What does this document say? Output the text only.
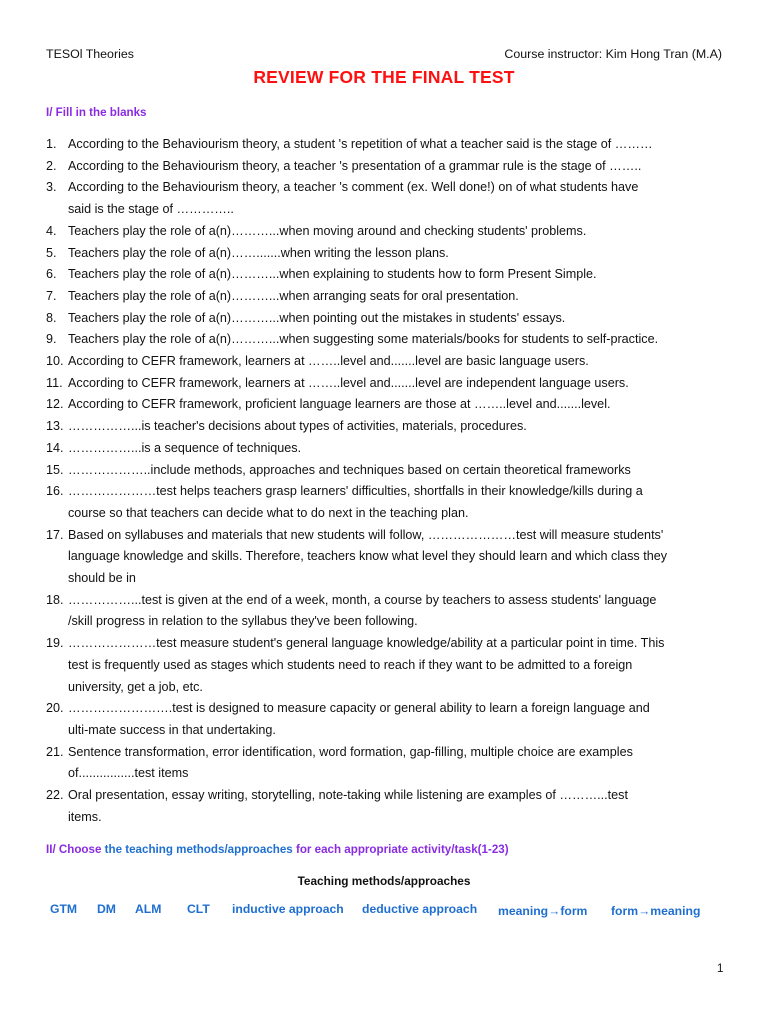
TESOl Theories	Course instructor: Kim Hong Tran (M.A)
REVIEW FOR THE FINAL TEST
I/ Fill in the blanks
1. According to the Behaviourism theory, a student 's repetition of what a teacher said is the stage of ………
2. According to the Behaviourism theory, a teacher 's presentation of a grammar rule is the stage of ……..
3. According to the Behaviourism theory, a teacher 's comment (ex. Well done!) on of what students have
said is the stage of …………..
4. Teachers play the role of a(n)………...when moving around and checking students' problems.
5. Teachers play the role of a(n)…….......when writing the lesson plans.
6. Teachers play the role of a(n)………...when explaining to students how to form Present Simple.
7. Teachers play the role of a(n)………...when arranging seats for oral presentation.
8. Teachers play the role of a(n)………...when pointing out the mistakes in students' essays.
9. Teachers play the role of a(n)………...when suggesting some materials/books for students to self-practice.
10. According to CEFR framework, learners at ……..level and.......level are basic language users.
11. According to CEFR framework, learners at ……..level and.......level are independent language users.
12. According to CEFR framework, proficient language learners are those at ……..level and.......level.
13. ……………...is teacher's decisions about types of activities, materials, procedures.
14. ……………...is a sequence of techniques.
15. ………………..include methods, approaches and techniques based on certain theoretical frameworks
16. …………………test helps teachers grasp learners' difficulties, shortfalls in their knowledge/kills during a
course so that teachers can decide what to do next in the teaching plan.
17. Based on syllabuses and materials that new students will follow, …………………test will measure students'
language knowledge and skills. Therefore, teachers know what level they should learn and which class they
should be in
18. ……………...test is given at the end of a week, month, a course by teachers to assess students' language
/skill progress in relation to the syllabus they've been following.
19. …………………test measure student's general language knowledge/ability at a particular point in time. This
test is frequently used as stages which students need to reach if they want to be admitted to a foreign
university, get a job, etc.
20. …………………….test is designed to measure capacity or general ability to learn a foreign language and
ulti-mate success in that undertaking.
21. Sentence transformation, error identification, word formation, gap-filling, multiple choice are examples
of................test items
22. Oral presentation, essay writing, storytelling, note-taking while listening are examples of ………...test
items.
II/ Choose the teaching methods/approaches for each appropriate activity/task(1-23)
Teaching methods/approaches
GTM DM ALM CLT inductive approach deductive approach meaning→form form→meaning
1
